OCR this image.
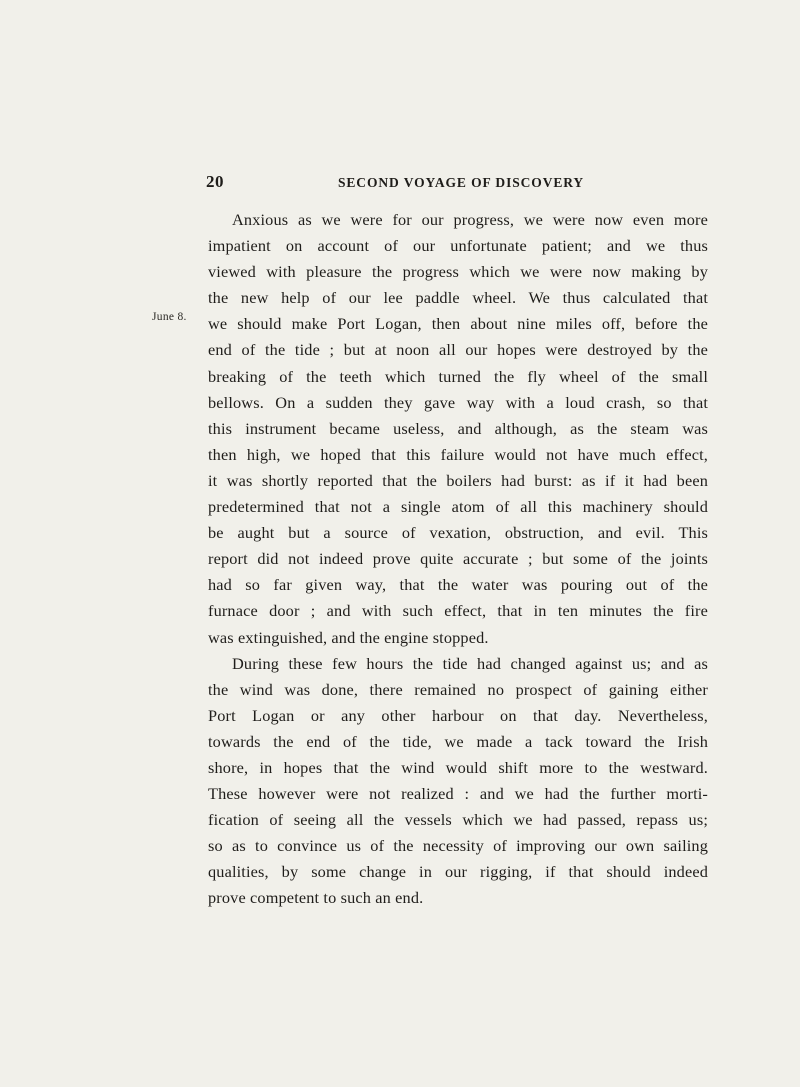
20	SECOND VOYAGE OF DISCOVERY
June 8.
Anxious as we were for our progress, we were now even more
impatient on account of our unfortunate patient; and we thus
viewed with pleasure the progress which we were now making by
the new help of our lee paddle wheel. We thus calculated that
we should make Port Logan, then about nine miles off, before the
end of the tide ; but at noon all our hopes were destroyed by the
breaking of the teeth which turned the fly wheel of the small
bellows. On a sudden they gave way with a loud crash, so that
this instrument became useless, and although, as the steam was
then high, we hoped that this failure would not have much effect,
it was shortly reported that the boilers had burst: as if it had been
predetermined that not a single atom of all this machinery should
be aught but a source of vexation, obstruction, and evil. This
report did not indeed prove quite accurate ; but some of the joints
had so far given way, that the water was pouring out of the
furnace door ; and with such effect, that in ten minutes the fire
was extinguished, and the engine stopped.
During these few hours the tide had changed against us; and as
the wind was done, there remained no prospect of gaining either
Port Logan or any other harbour on that day. Nevertheless,
towards the end of the tide, we made a tack toward the Irish
shore, in hopes that the wind would shift more to the westward.
These however were not realized : and we had the further morti-
fication of seeing all the vessels which we had passed, repass us;
so as to convince us of the necessity of improving our own sailing
qualities, by some change in our rigging, if that should indeed
prove competent to such an end.
